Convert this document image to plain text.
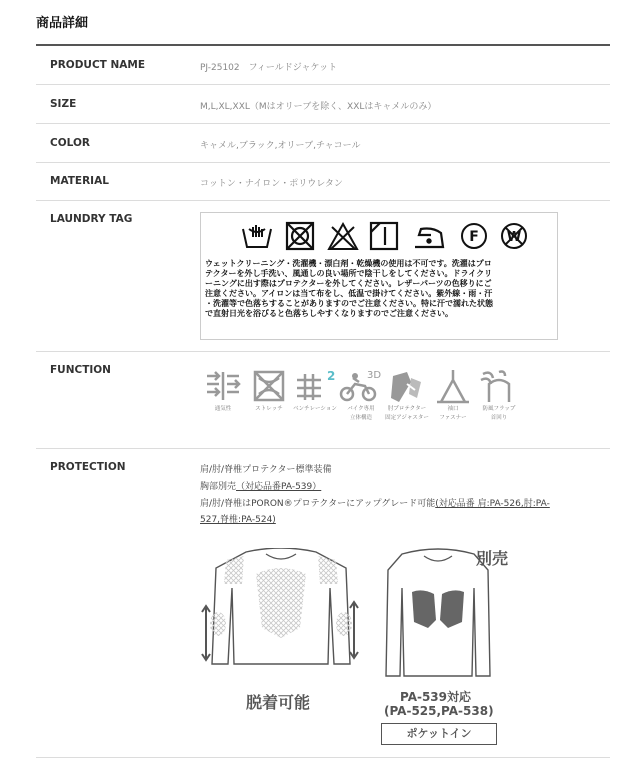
商品詳細
PRODUCT NAME	PJ-25102　フィールドジャケット
SIZE	M,L,XL,XXL（Mはオリーブを除く、XXLはキャメルのみ）
COLOR	キャメル,ブラック,オリーブ,チャコール
MATERIAL	コットン・ナイロン・ポリウレタン
LAUNDRY TAG
F W
ウェットクリーニング・洗濯機・漂白剤・乾燥機の使用は不可です。洗濯はプロ
テクターを外し手洗い、風通しの良い場所で陰干しをしてください。ドライクリ
ーニングに出す際はプロテクターを外してください。レザーパーツの色移りにご
注意ください。アイロンは当て布をし、低温で掛けてください。紫外線・雨・汗
・洗濯等で色落ちすることがありますのでご注意ください。特に汗で濡れた状態
で直射日光を浴びると色落ちしやすくなりますのでご注意ください。
FUNCTION
通気性	ストレッチ
2
ベンチレーション
3D
バイク専用
立体構造
肘プロテクター
固定アジャスター
袖口
ファスナー
防風フラップ
首回り
PROTECTION	肩/肘/脊椎プロテクター標準装備
胸部別売（対応品番PA-539）
肩/肘/脊椎はPORON®プロテクターにアップグレード可能(対応品番 肩:PA-526,肘:PA-
527,脊椎:PA-524)
脱着可能
別売
PA-539対応
(PA-525,PA-538)
ポケットイン
